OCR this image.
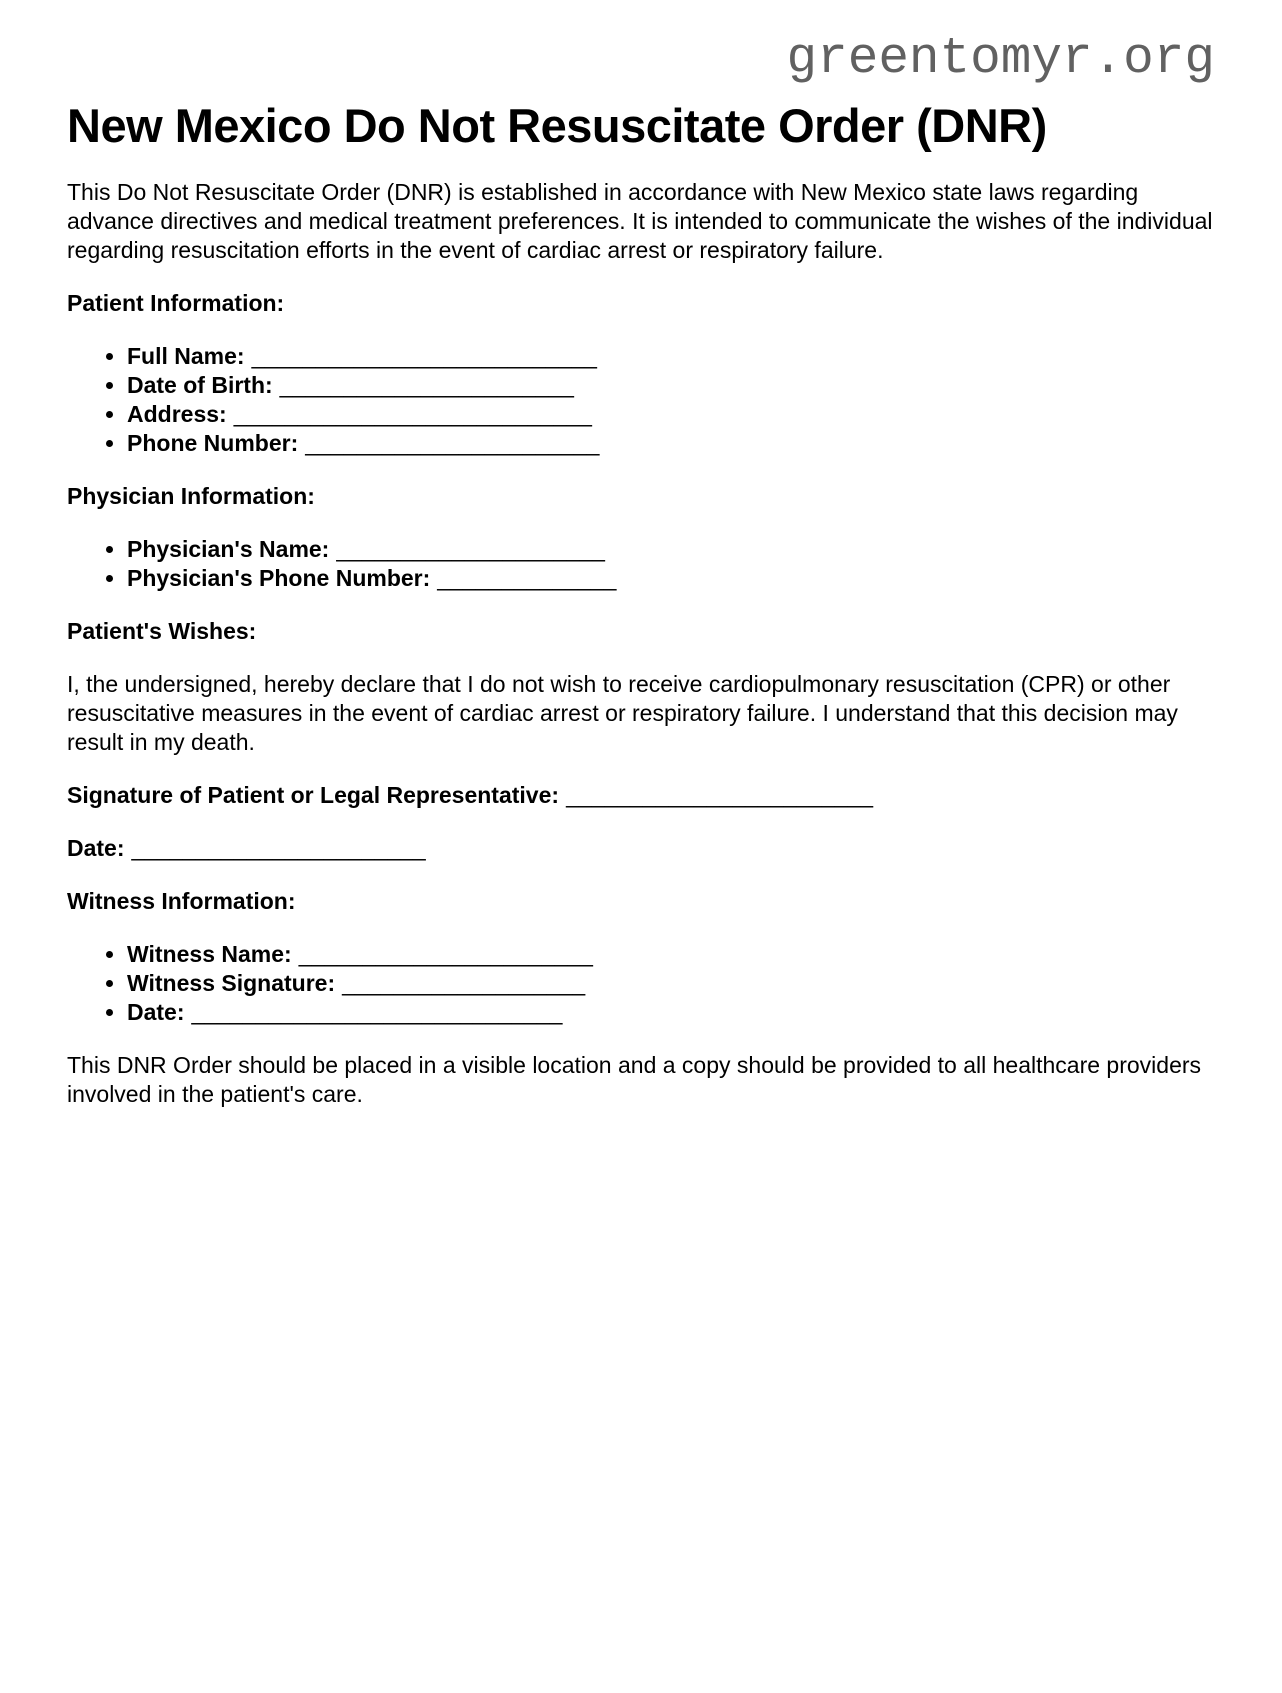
greentomyr.org
New Mexico Do Not Resuscitate Order (DNR)

This Do Not Resuscitate Order (DNR) is established in accordance with New Mexico state laws regarding advance directives and medical treatment preferences. It is intended to communicate the wishes of the individual regarding resuscitation efforts in the event of cardiac arrest or respiratory failure.

Patient Information:

• Full Name: ___________________________
• Date of Birth: _______________________
• Address: ____________________________
• Phone Number: _______________________

Physician Information:

• Physician's Name: _____________________
• Physician's Phone Number: ______________

Patient's Wishes:

I, the undersigned, hereby declare that I do not wish to receive cardiopulmonary resuscitation (CPR) or other resuscitative measures in the event of cardiac arrest or respiratory failure. I understand that this decision may result in my death.

Signature of Patient or Legal Representative: ________________________

Date: _______________________

Witness Information:

• Witness Name: _______________________
• Witness Signature: ___________________
• Date: _____________________________

This DNR Order should be placed in a visible location and a copy should be provided to all healthcare providers involved in the patient's care.
